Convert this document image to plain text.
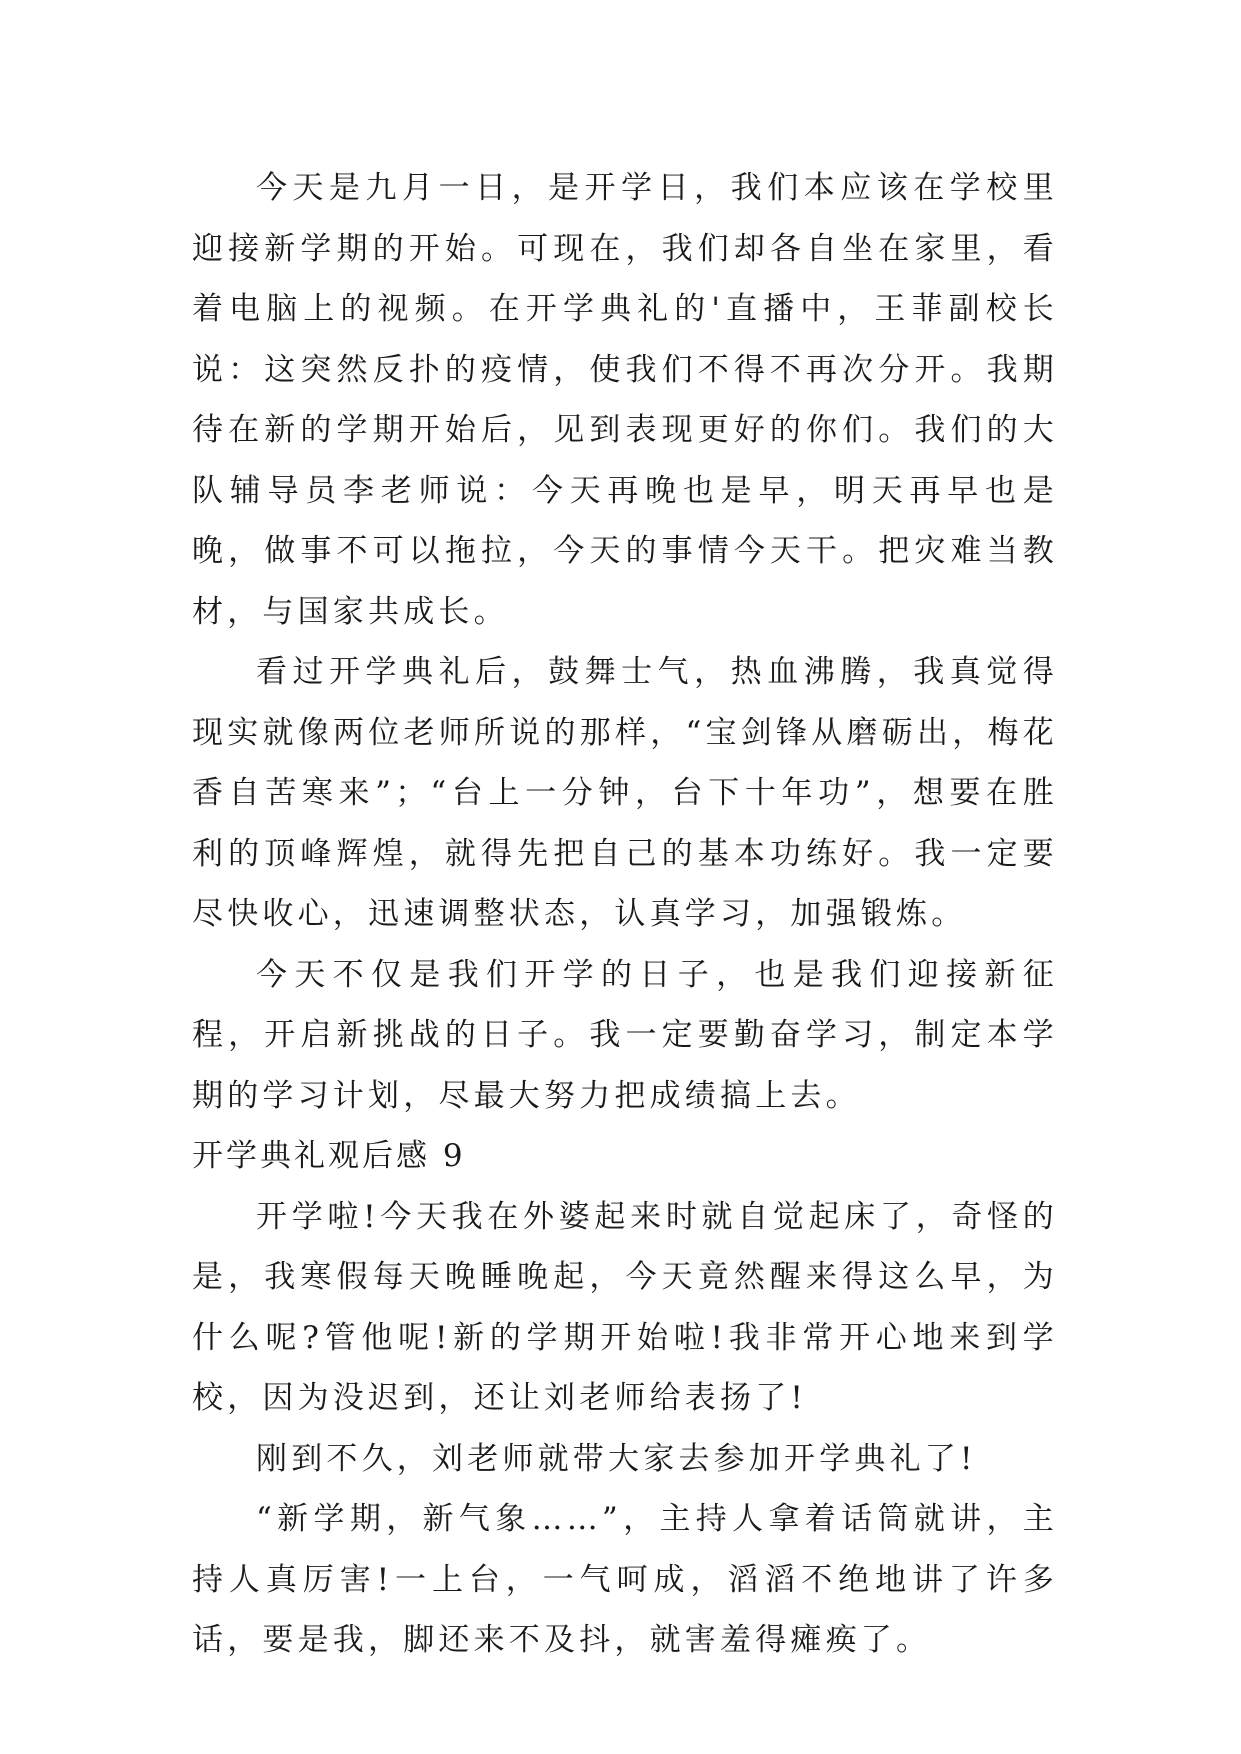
今天是九月一日，是开学日，我们本应该在学校里迎接新学期的开始。可现在，我们却各自坐在家里，看着电脑上的视频。在开学典礼的'直播中，王菲副校长说：这突然反扑的疫情，使我们不得不再次分开。我期待在新的学期开始后，见到表现更好的你们。我们的大队辅导员李老师说：今天再晚也是早，明天再早也是晚，做事不可以拖拉，今天的事情今天干。把灾难当教材，与国家共成长。

看过开学典礼后，鼓舞士气，热血沸腾，我真觉得现实就像两位老师所说的那样，“宝剑锋从磨砺出，梅花香自苦寒来”；“台上一分钟，台下十年功”，想要在胜利的顶峰辉煌，就得先把自己的基本功练好。我一定要尽快收心，迅速调整状态，认真学习，加强锻炼。

今天不仅是我们开学的日子，也是我们迎接新征程，开启新挑战的日子。我一定要勤奋学习，制定本学期的学习计划，尽最大努力把成绩搞上去。

开学典礼观后感 9

开学啦!今天我在外婆起来时就自觉起床了，奇怪的是，我寒假每天晚睡晚起，今天竟然醒来得这么早，为什么呢?管他呢!新的学期开始啦!我非常开心地来到学校，因为没迟到，还让刘老师给表扬了!

刚到不久，刘老师就带大家去参加开学典礼了!

“新学期，新气象……”，主持人拿着话筒就讲，主持人真厉害!一上台，一气呵成，滔滔不绝地讲了许多话，要是我，脚还来不及抖，就害羞得瘫痪了。
